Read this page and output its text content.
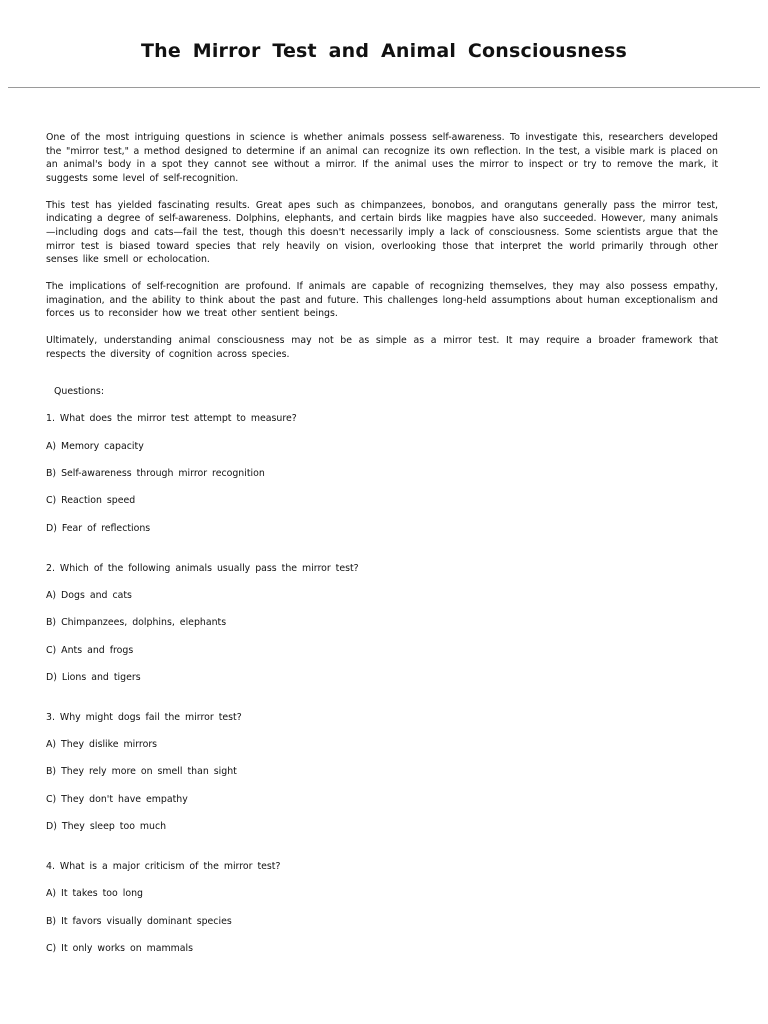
The Mirror Test and Animal Consciousness

One of the most intriguing questions in science is whether animals possess self-awareness. To investigate this, researchers developed the "mirror test," a method designed to determine if an animal can recognize its own reflection. In the test, a visible mark is placed on an animal's body in a spot they cannot see without a mirror. If the animal uses the mirror to inspect or try to remove the mark, it suggests some level of self-recognition.

This test has yielded fascinating results. Great apes such as chimpanzees, bonobos, and orangutans generally pass the mirror test, indicating a degree of self-awareness. Dolphins, elephants, and certain birds like magpies have also succeeded. However, many animals—including dogs and cats—fail the test, though this doesn't necessarily imply a lack of consciousness. Some scientists argue that the mirror test is biased toward species that rely heavily on vision, overlooking those that interpret the world primarily through other senses like smell or echolocation.

The implications of self-recognition are profound. If animals are capable of recognizing themselves, they may also possess empathy, imagination, and the ability to think about the past and future. This challenges long-held assumptions about human exceptionalism and forces us to reconsider how we treat other sentient beings.

Ultimately, understanding animal consciousness may not be as simple as a mirror test. It may require a broader framework that respects the diversity of cognition across species.

Questions:
1. What does the mirror test attempt to measure?
A) Memory capacity
B) Self-awareness through mirror recognition
C) Reaction speed
D) Fear of reflections
2. Which of the following animals usually pass the mirror test?
A) Dogs and cats
B) Chimpanzees, dolphins, elephants
C) Ants and frogs
D) Lions and tigers
3. Why might dogs fail the mirror test?
A) They dislike mirrors
B) They rely more on smell than sight
C) They don't have empathy
D) They sleep too much
4. What is a major criticism of the mirror test?
A) It takes too long
B) It favors visually dominant species
C) It only works on mammals
